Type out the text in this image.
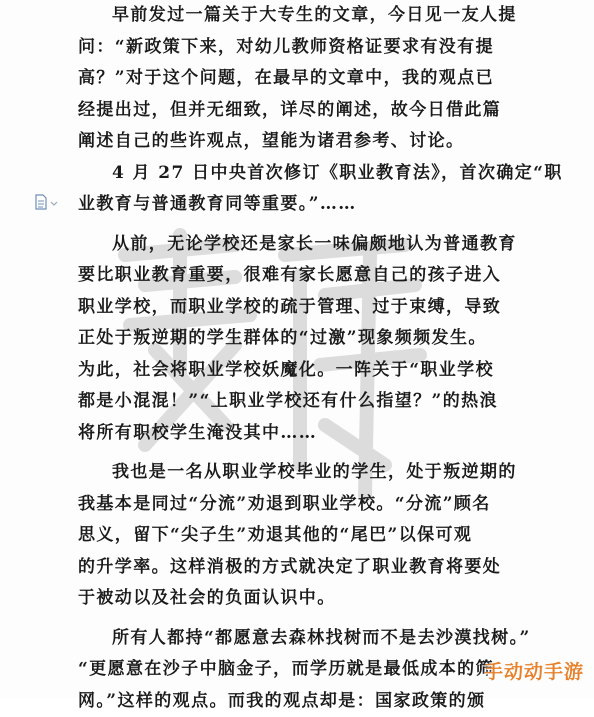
早前发过一篇关于大专生的文章，今日见一友人提
问：“新政策下来，对幼儿教师资格证要求有没有提
高？”对于这个问题，在最早的文章中，我的观点已
经提出过，但并无细致，详尽的阐述，故今日借此篇
阐述自己的些许观点，望能为诸君参考、讨论。
4 月 27 日中央首次修订《职业教育法》，首次确定“职
业教育与普通教育同等重要。”……
从前，无论学校还是家长一味偏颇地认为普通教育
要比职业教育重要，很难有家长愿意自己的孩子进入
职业学校，而职业学校的疏于管理、过于束缚，导致
正处于叛逆期的学生群体的“过激”现象频频发生。
为此，社会将职业学校妖魔化。一阵关于“职业学校
都是小混混！”“上职业学校还有什么指望？”的热浪
将所有职校学生淹没其中……
我也是一名从职业学校毕业的学生，处于叛逆期的
我基本是同过“分流”劝退到职业学校。“分流”顾名
思义，留下“尖子生”劝退其他的“尾巴”以保可观
的升学率。这样消极的方式就决定了职业教育将要处
于被动以及社会的负面认识中。
所有人都持“都愿意去森林找树而不是去沙漠找树。”
“更愿意在沙子中脑金子，而学历就是最低成本的筛
网。”这样的观点。而我的观点却是：国家政策的颁
手动动手游
